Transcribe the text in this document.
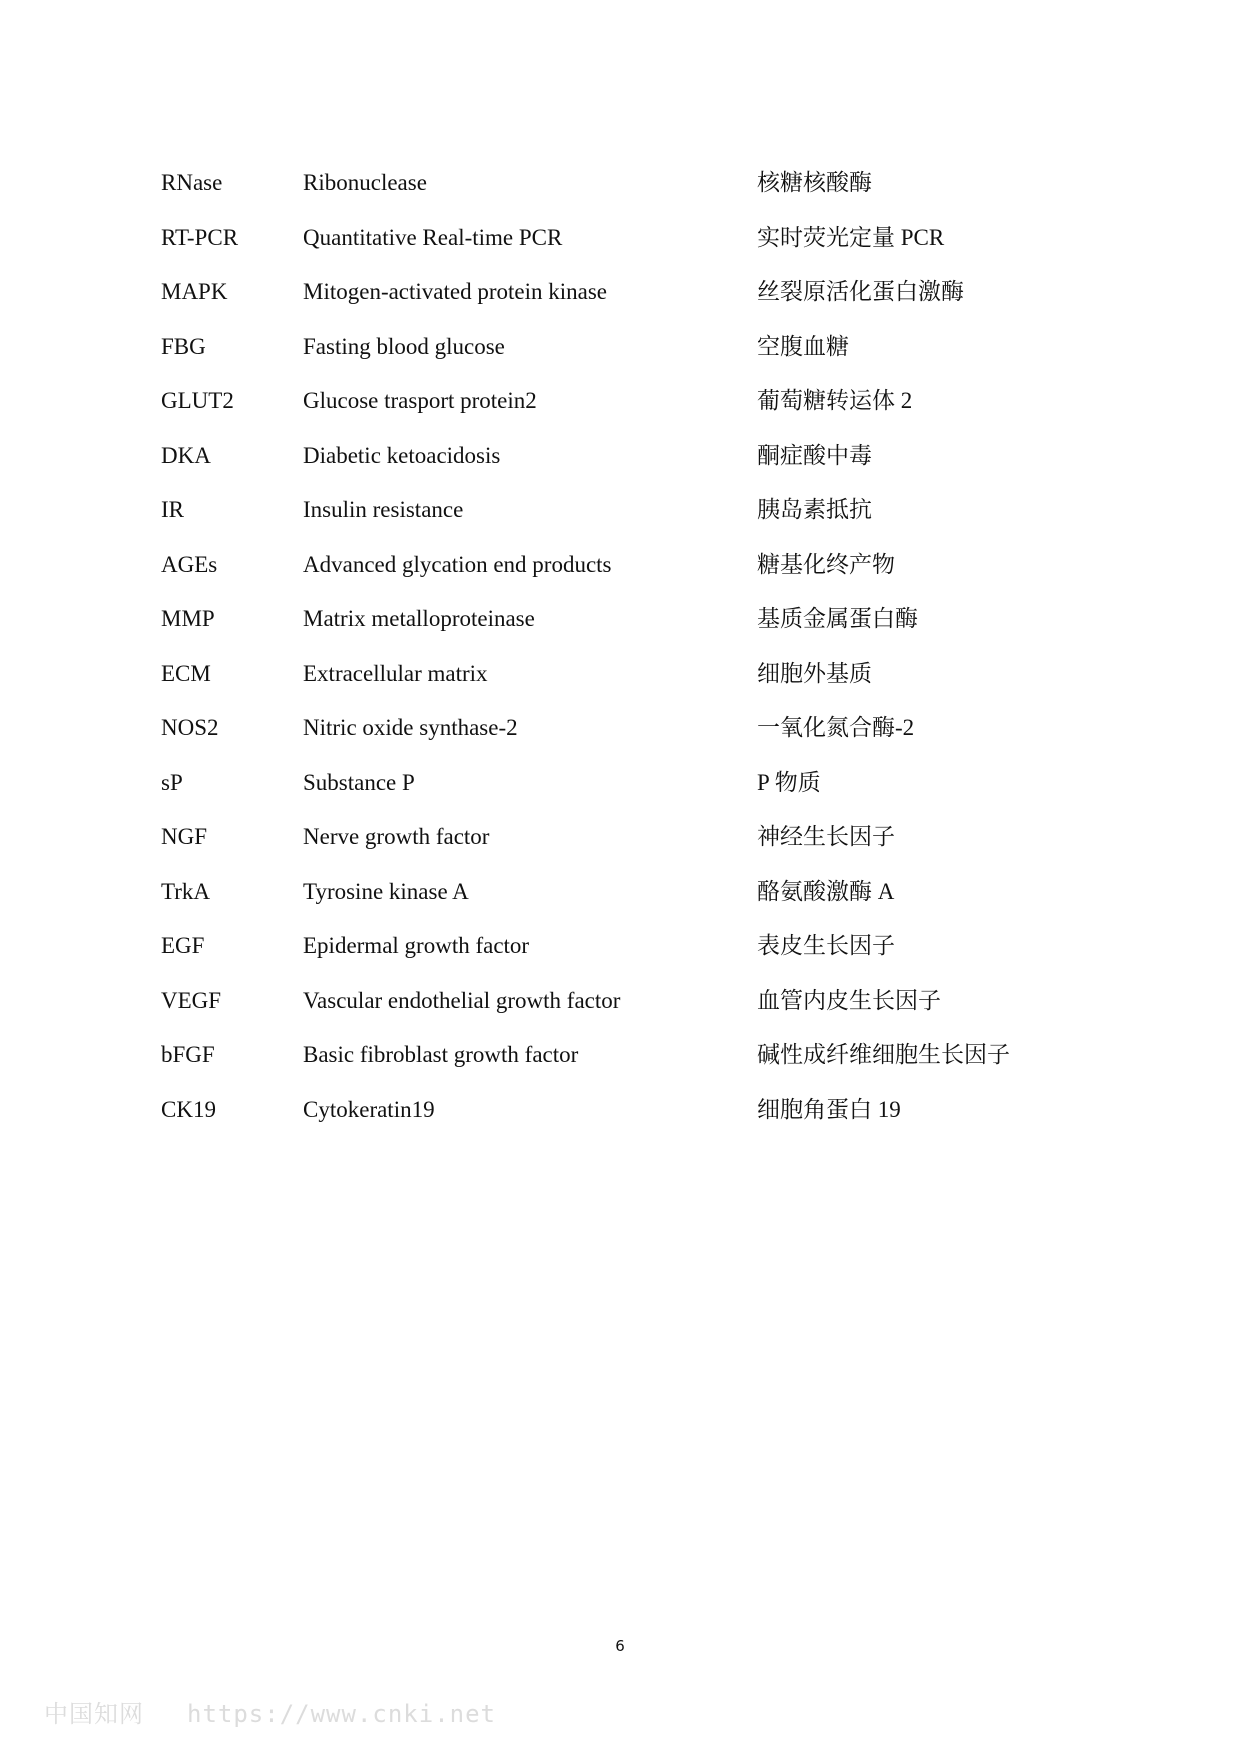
RNase	Ribonuclease	核糖核酸酶
RT-PCR	Quantitative Real-time PCR	实时荧光定量 PCR
MAPK	Mitogen-activated protein kinase	丝裂原活化蛋白激酶
FBG	Fasting blood glucose	空腹血糖
GLUT2	Glucose trasport protein2	葡萄糖转运体 2
DKA	Diabetic ketoacidosis	酮症酸中毒
IR	Insulin resistance	胰岛素抵抗
AGEs	Advanced glycation end products	糖基化终产物
MMP	Matrix metalloproteinase	基质金属蛋白酶
ECM	Extracellular matrix	细胞外基质
NOS2	Nitric oxide synthase-2	一氧化氮合酶-2
sP	Substance P	P 物质
NGF	Nerve growth factor	神经生长因子
TrkA	Tyrosine kinase A	酪氨酸激酶 A
EGF	Epidermal growth factor	表皮生长因子
VEGF	Vascular endothelial growth factor	血管内皮生长因子
bFGF	Basic fibroblast growth factor	碱性成纤维细胞生长因子
CK19	Cytokeratin19	细胞角蛋白 19
6
中国知网 https://www.cnki.net
